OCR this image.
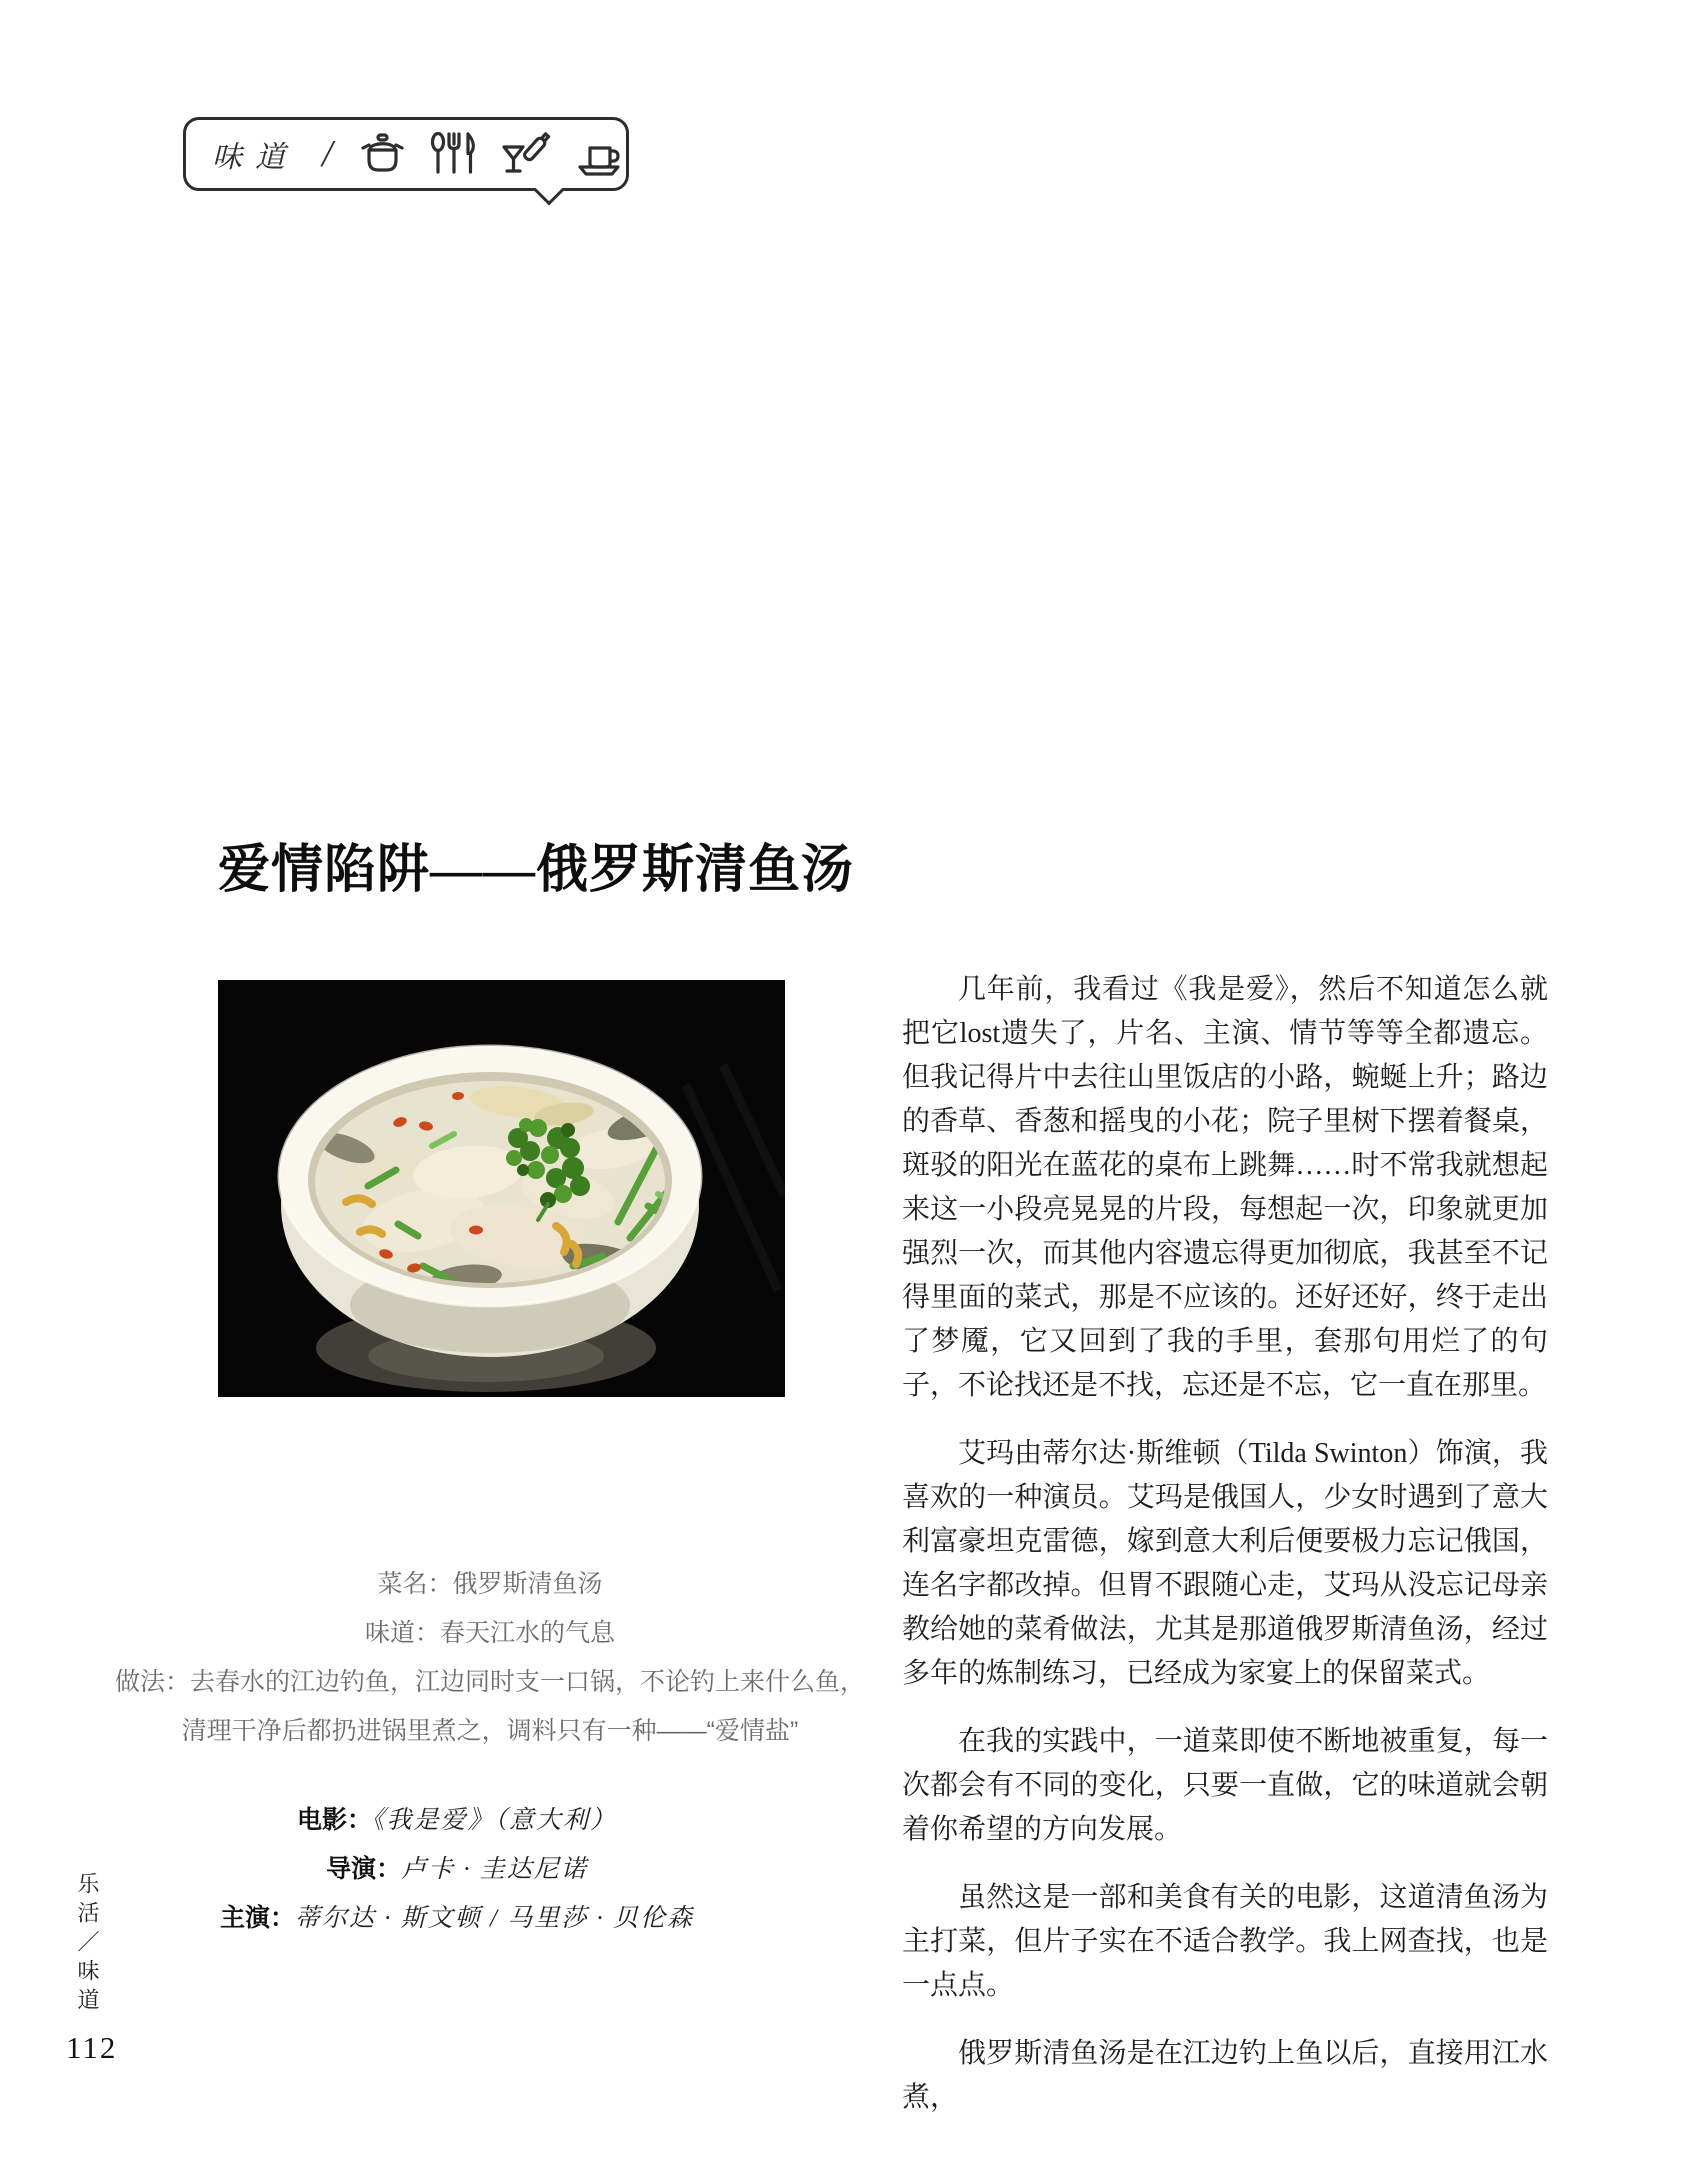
味道 /
爱情陷阱——俄罗斯清鱼汤
菜名：俄罗斯清鱼汤
味道：春天江水的气息
做法：去春水的江边钓鱼，江边同时支一口锅，不论钓上来什么鱼，
清理干净后都扔进锅里煮之，调料只有一种——“爱情盐”
电影：《我是爱》（意大利）
导演：卢卡 · 圭达尼诺
主演：蒂尔达 · 斯文顿 / 马里莎 · 贝伦森

几年前，我看过《我是爱》，然后不知道怎么就把它lost遗失了，片名、主演、情节等等全都遗忘。但我记得片中去往山里饭店的小路，蜿蜒上升；路边的香草、香葱和摇曳的小花；院子里树下摆着餐桌，斑驳的阳光在蓝花的桌布上跳舞……时不常我就想起来这一小段亮晃晃的片段，每想起一次，印象就更加强烈一次，而其他内容遗忘得更加彻底，我甚至不记得里面的菜式，那是不应该的。还好还好，终于走出了梦魇，它又回到了我的手里，套那句用烂了的句子，不论找还是不找，忘还是不忘，它一直在那里。

艾玛由蒂尔达·斯维顿（Tilda Swinton）饰演，我喜欢的一种演员。艾玛是俄国人，少女时遇到了意大利富豪坦克雷德，嫁到意大利后便要极力忘记俄国，连名字都改掉。但胃不跟随心走，艾玛从没忘记母亲教给她的菜肴做法，尤其是那道俄罗斯清鱼汤，经过多年的炼制练习，已经成为家宴上的保留菜式。

在我的实践中，一道菜即使不断地被重复，每一次都会有不同的变化，只要一直做，它的味道就会朝着你希望的方向发展。

虽然这是一部和美食有关的电影，这道清鱼汤为主打菜，但片子实在不适合教学。我上网查找，也是一点点。

俄罗斯清鱼汤是在江边钓上鱼以后，直接用江水煮，

乐活／味道
112
